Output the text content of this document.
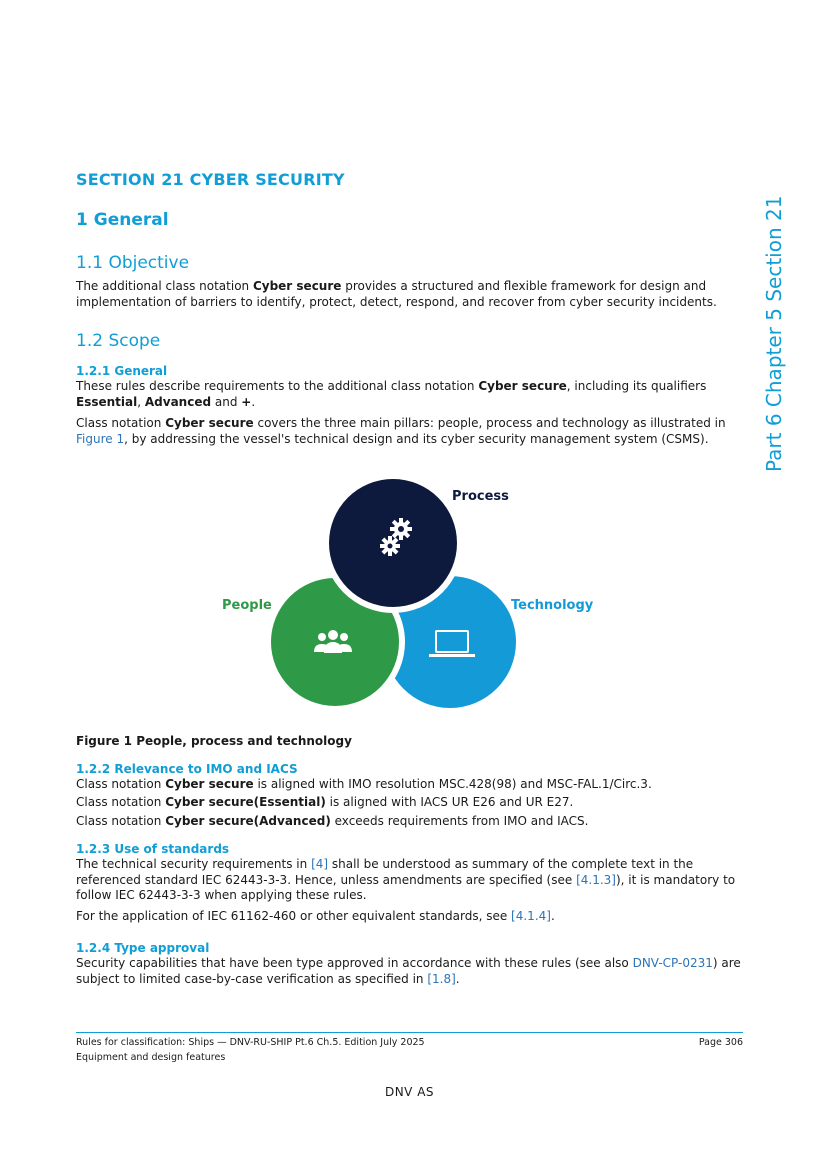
Part 6 Chapter 5 Section 21
SECTION 21 CYBER SECURITY
1 General
1.1 Objective
The additional class notation Cyber secure provides a structured and flexible framework for design and implementation of barriers to identify, protect, detect, respond, and recover from cyber security incidents.
1.2 Scope
1.2.1 General
These rules describe requirements to the additional class notation Cyber secure, including its qualifiers Essential, Advanced and +.
Class notation Cyber secure covers the three main pillars: people, process and technology as illustrated in Figure 1, by addressing the vessel's technical design and its cyber security management system (CSMS).
Process
People	Technology
Figure 1 People, process and technology
1.2.2 Relevance to IMO and IACS
Class notation Cyber secure is aligned with IMO resolution MSC.428(98) and MSC-FAL.1/Circ.3.
Class notation Cyber secure(Essential) is aligned with IACS UR E26 and UR E27.
Class notation Cyber secure(Advanced) exceeds requirements from IMO and IACS.
1.2.3 Use of standards
The technical security requirements in [4] shall be understood as summary of the complete text in the referenced standard IEC 62443-3-3. Hence, unless amendments are specified (see [4.1.3]), it is mandatory to follow IEC 62443-3-3 when applying these rules.
For the application of IEC 61162-460 or other equivalent standards, see [4.1.4].
1.2.4 Type approval
Security capabilities that have been type approved in accordance with these rules (see also DNV-CP-0231) are subject to limited case-by-case verification as specified in [1.8].
Rules for classification: Ships — DNV-RU-SHIP Pt.6 Ch.5. Edition July 2025
Equipment and design features
Page 306
DNV AS
